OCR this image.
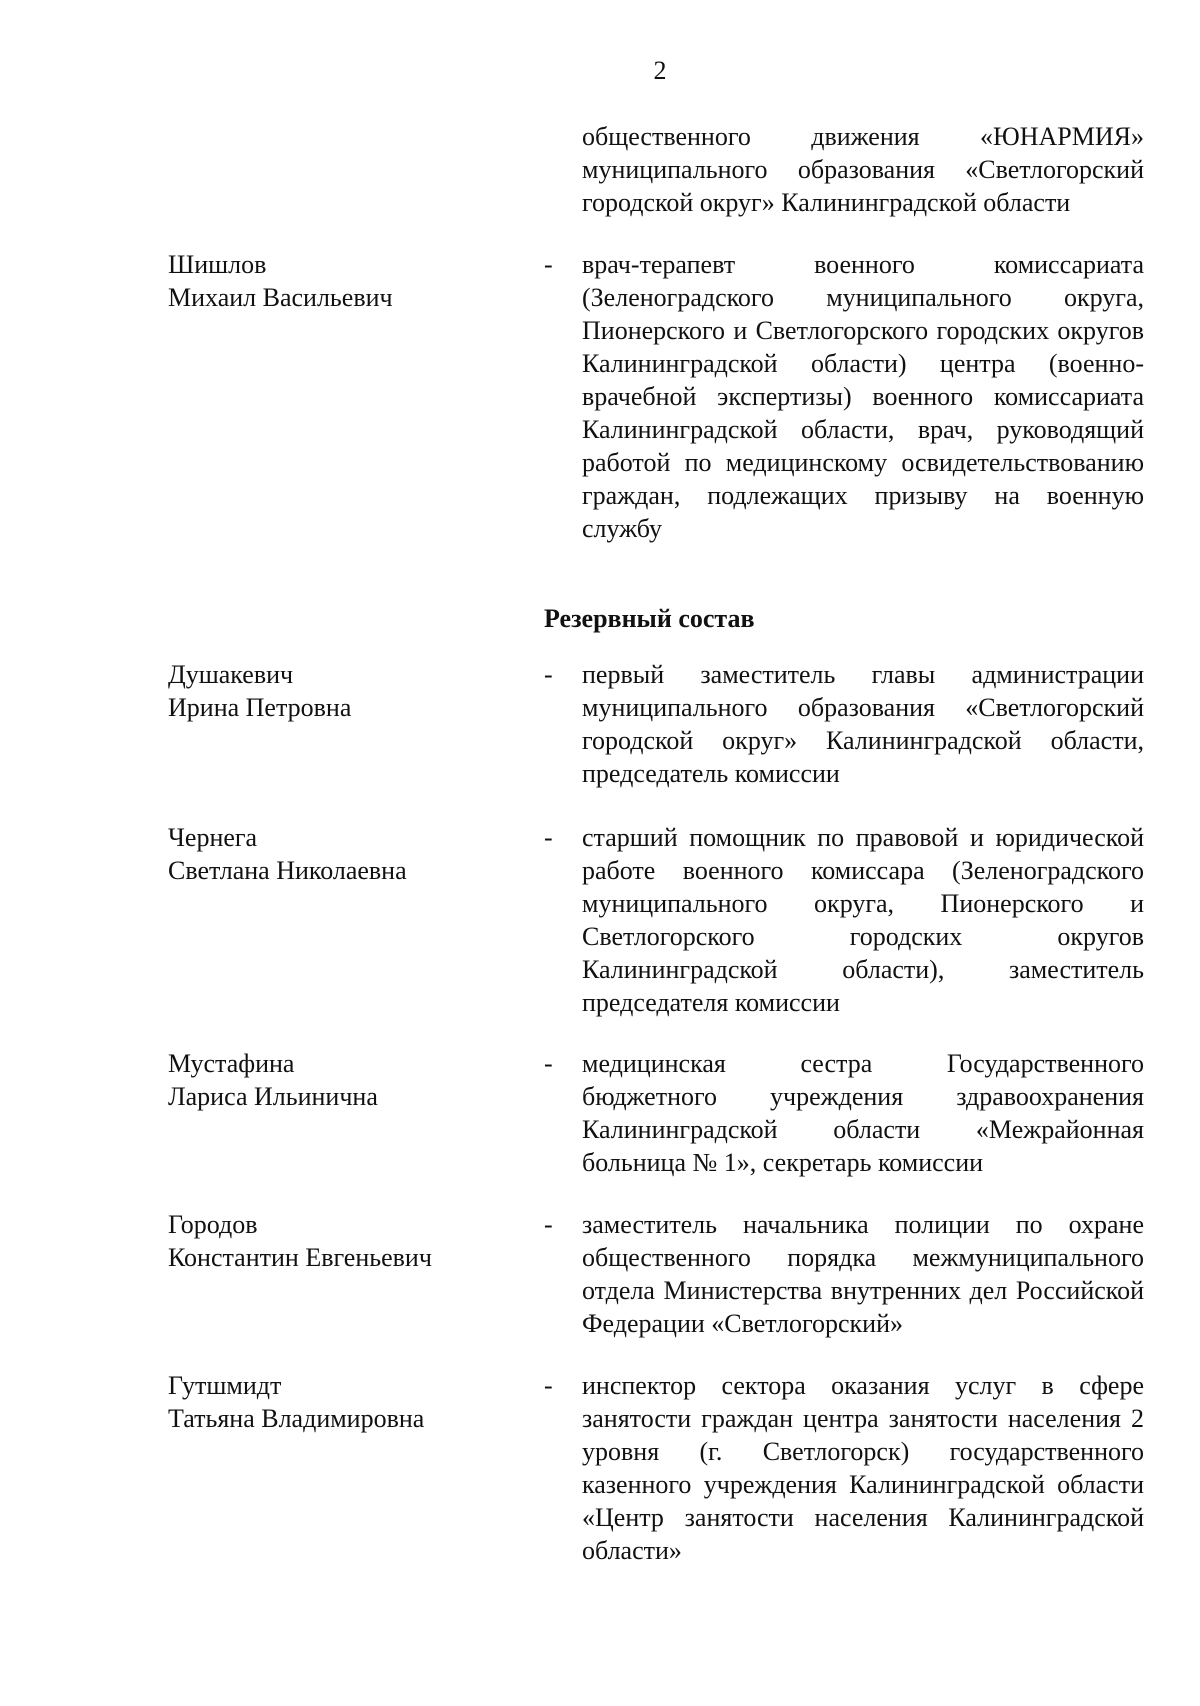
2
общественного движения «ЮНАРМИЯ» муниципального образования «Светлогорский городской округ» Калининградской области
Шишлов
Михаил Васильевич
- врач-терапевт военного комиссариата (Зеленоградского муниципального округа, Пионерского и Светлогорского городских округов Калининградской области) центра (военно-врачебной экспертизы) военного комиссариата Калининградской области, врач, руководящий работой по медицинскому освидетельствованию граждан, подлежащих призыву на военную службу
Резервный состав
Душакевич
Ирина Петровна
- первый заместитель главы администрации муниципального образования «Светлогорский городской округ» Калининградской области, председатель комиссии
Чернега
Светлана Николаевна
- старший помощник по правовой и юридической работе военного комиссара (Зеленоградского муниципального округа, Пионерского и Светлогорского городских округов Калининградской области), заместитель председателя комиссии
Мустафина
Лариса Ильинична
- медицинская сестра Государственного бюджетного учреждения здравоохранения Калининградской области «Межрайонная больница № 1», секретарь комиссии
Городов
Константин Евгеньевич
- заместитель начальника полиции по охране общественного порядка межмуниципального отдела Министерства внутренних дел Российской Федерации «Светлогорский»
Гутшмидт
Татьяна Владимировна
- инспектор сектора оказания услуг в сфере занятости граждан центра занятости населения 2 уровня (г. Светлогорск) государственного казенного учреждения Калининградской области «Центр занятости населения Калининградской области»
